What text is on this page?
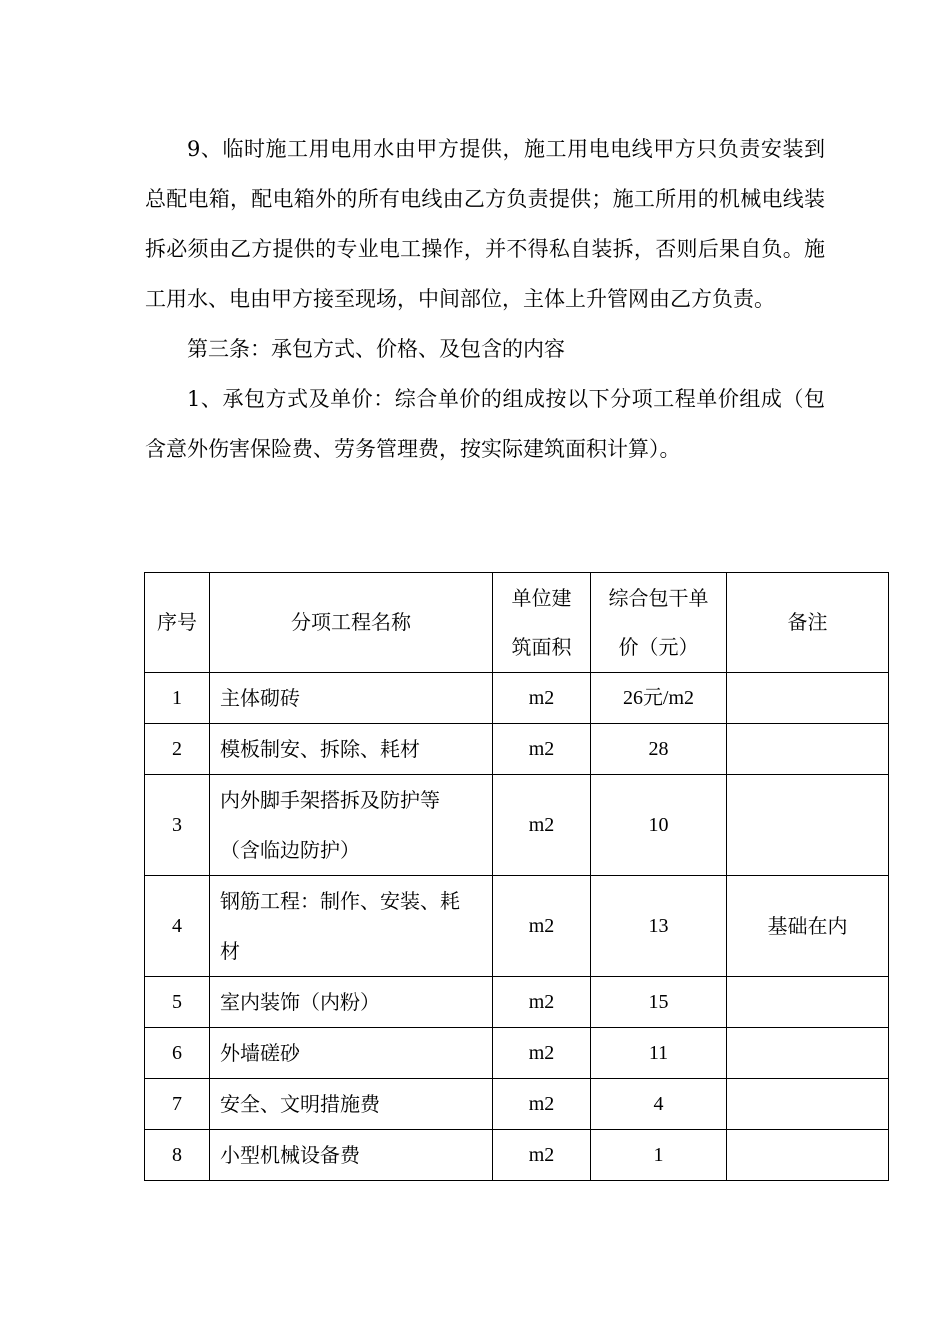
9、临时施工用电用水由甲方提供，施工用电电线甲方只负责安装到总配电箱，配电箱外的所有电线由乙方负责提供；施工所用的机械电线装拆必须由乙方提供的专业电工操作，并不得私自装拆，否则后果自负。施工用水、电由甲方接至现场，中间部位，主体上升管网由乙方负责。

第三条：承包方式、价格、及包含的内容

1、承包方式及单价：综合单价的组成按以下分项工程单价组成（包含意外伤害保险费、劳务管理费，按实际建筑面积计算）。

序号	分项工程名称	单位建筑面积	综合包干单价（元）	备注
1	主体砌砖	m2	26元/m2	
2	模板制安、拆除、耗材	m2	28	
3	内外脚手架搭拆及防护等（含临边防护）	m2	10	
4	钢筋工程：制作、安装、耗材	m2	13	基础在内
5	室内装饰（内粉）	m2	15	
6	外墙磋砂	m2	11	
7	安全、文明措施费	m2	4	
8	小型机械设备费	m2	1	
